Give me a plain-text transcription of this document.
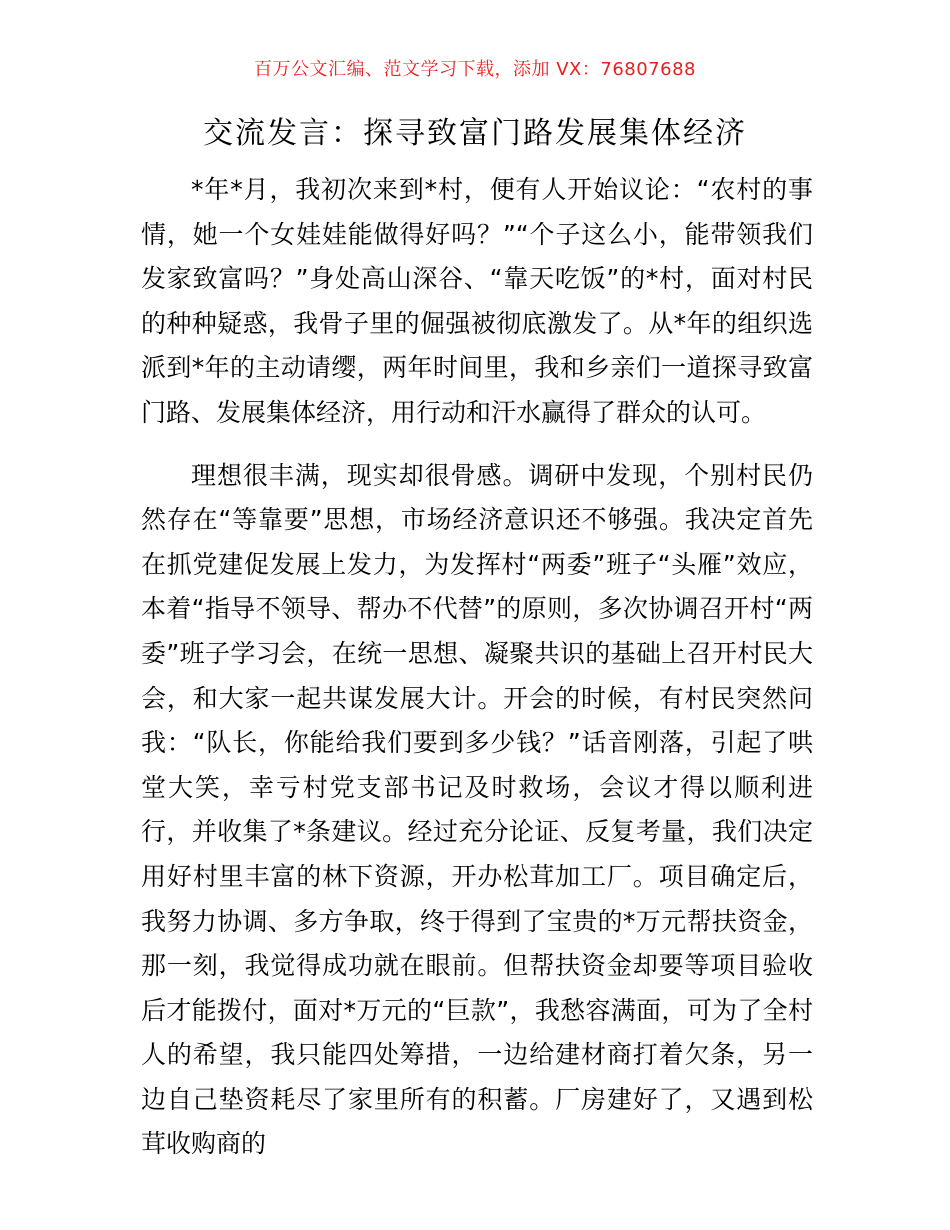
百万公文汇编、范文学习下载，添加 VX：76807688
交流发言：探寻致富门路发展集体经济

*年*月，我初次来到*村，便有人开始议论：“农村的事情，她一个女娃娃能做得好吗？”“个子这么小，能带领我们发家致富吗？”身处高山深谷、“靠天吃饭”的*村，面对村民的种种疑惑，我骨子里的倔强被彻底激发了。从*年的组织选派到*年的主动请缨，两年时间里，我和乡亲们一道探寻致富门路、发展集体经济，用行动和汗水赢得了群众的认可。

理想很丰满，现实却很骨感。调研中发现，个别村民仍然存在“等靠要”思想，市场经济意识还不够强。我决定首先在抓党建促发展上发力，为发挥村“两委”班子“头雁”效应，本着“指导不领导、帮办不代替”的原则，多次协调召开村“两委”班子学习会，在统一思想、凝聚共识的基础上召开村民大会，和大家一起共谋发展大计。开会的时候，有村民突然问我：“队长，你能给我们要到多少钱？”话音刚落，引起了哄堂大笑，幸亏村党支部书记及时救场，会议才得以顺利进行，并收集了*条建议。经过充分论证、反复考量，我们决定用好村里丰富的林下资源，开办松茸加工厂。项目确定后，我努力协调、多方争取，终于得到了宝贵的*万元帮扶资金，那一刻，我觉得成功就在眼前。但帮扶资金却要等项目验收后才能拨付，面对*万元的“巨款”，我愁容满面，可为了全村人的希望，我只能四处筹措，一边给建材商打着欠条，另一边自己垫资耗尽了家里所有的积蓄。厂房建好了，又遇到松茸收购商的
